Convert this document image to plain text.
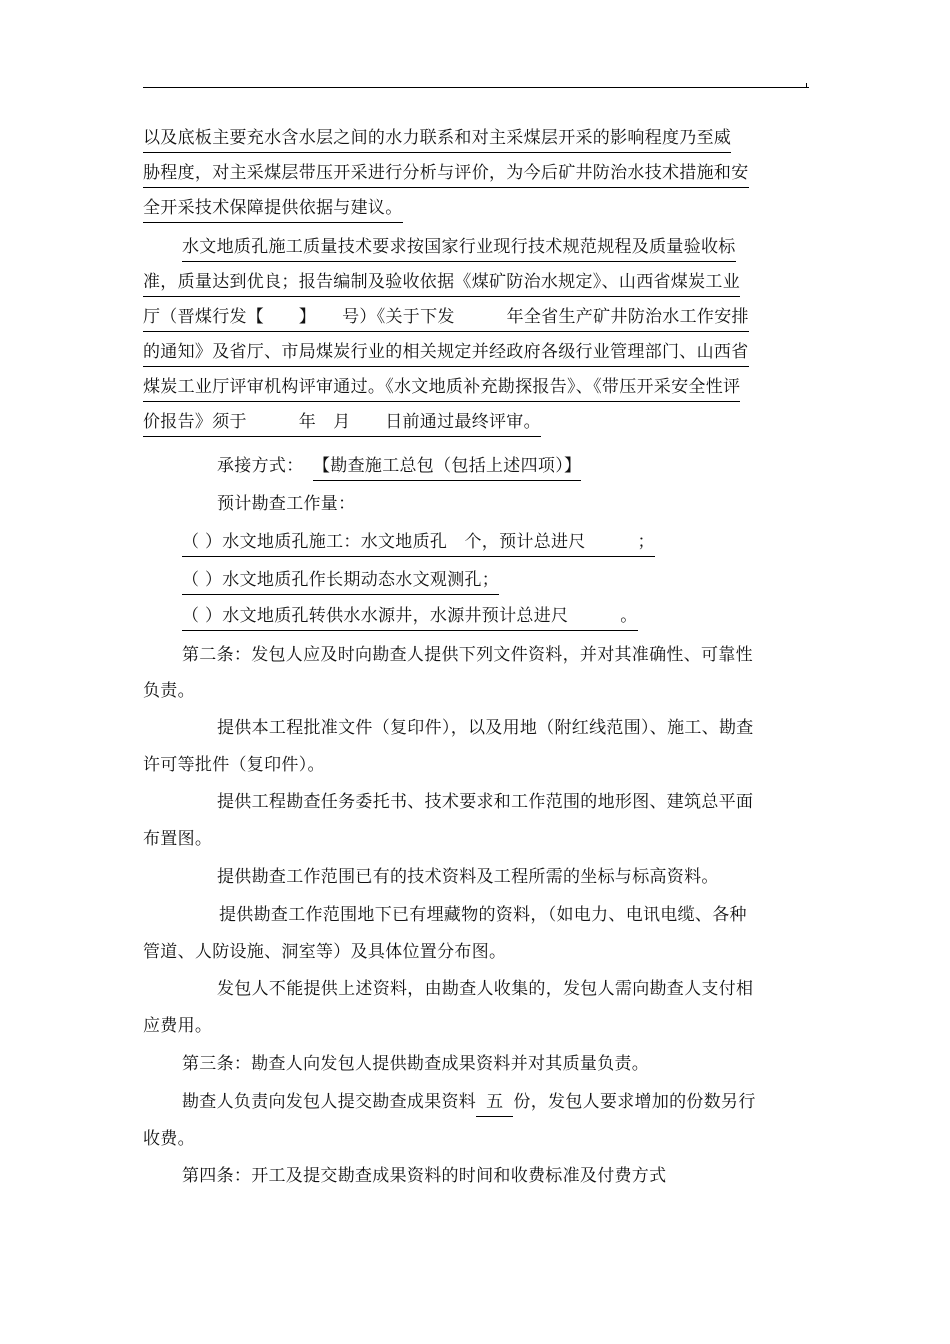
以及底板主要充水含水层之间的水力联系和对主采煤层开采的影响程度乃至威
胁程度，对主采煤层带压开采进行分析与评价，为今后矿井防治水技术措施和安
全开采技术保障提供依据与建议。
水文地质孔施工质量技术要求按国家行业现行技术规范规程及质量验收标
准，质量达到优良；报告编制及验收依据《煤矿防治水规定》、山西省煤炭工业
厅（晋煤行发【　　】　　号）《关于下发　　　年全省生产矿井防治水工作安排
的通知》及省厅、市局煤炭行业的相关规定并经政府各级行业管理部门、山西省
煤炭工业厅评审机构评审通过。《水文地质补充勘探报告》、《带压开采安全性评
价报告》须于　　　年　月　　日前通过最终评审。
承接方式： 【勘查施工总包（包括上述四项）】
预计勘查工作量：
（ ）水文地质孔施工：水文地质孔　个，预计总进尺　　　；
（ ）水文地质孔作长期动态水文观测孔；
（ ）水文地质孔转供水水源井，水源井预计总进尺　　　。
第二条：发包人应及时向勘查人提供下列文件资料，并对其准确性、可靠性
负责。
提供本工程批准文件（复印件），以及用地（附红线范围）、施工、勘查
许可等批件（复印件）。
提供工程勘查任务委托书、技术要求和工作范围的地形图、建筑总平面
布置图。
提供勘查工作范围已有的技术资料及工程所需的坐标与标高资料。
提供勘查工作范围地下已有埋藏物的资料，（如电力、电讯电缆、各种
管道、人防设施、洞室等）及具体位置分布图。
发包人不能提供上述资料，由勘查人收集的，发包人需向勘查人支付相
应费用。
第三条：勘查人向发包人提供勘查成果资料并对其质量负责。
勘查人负责向发包人提交勘查成果资料 五 份，发包人要求增加的份数另行
收费。
第四条：开工及提交勘查成果资料的时间和收费标准及付费方式
